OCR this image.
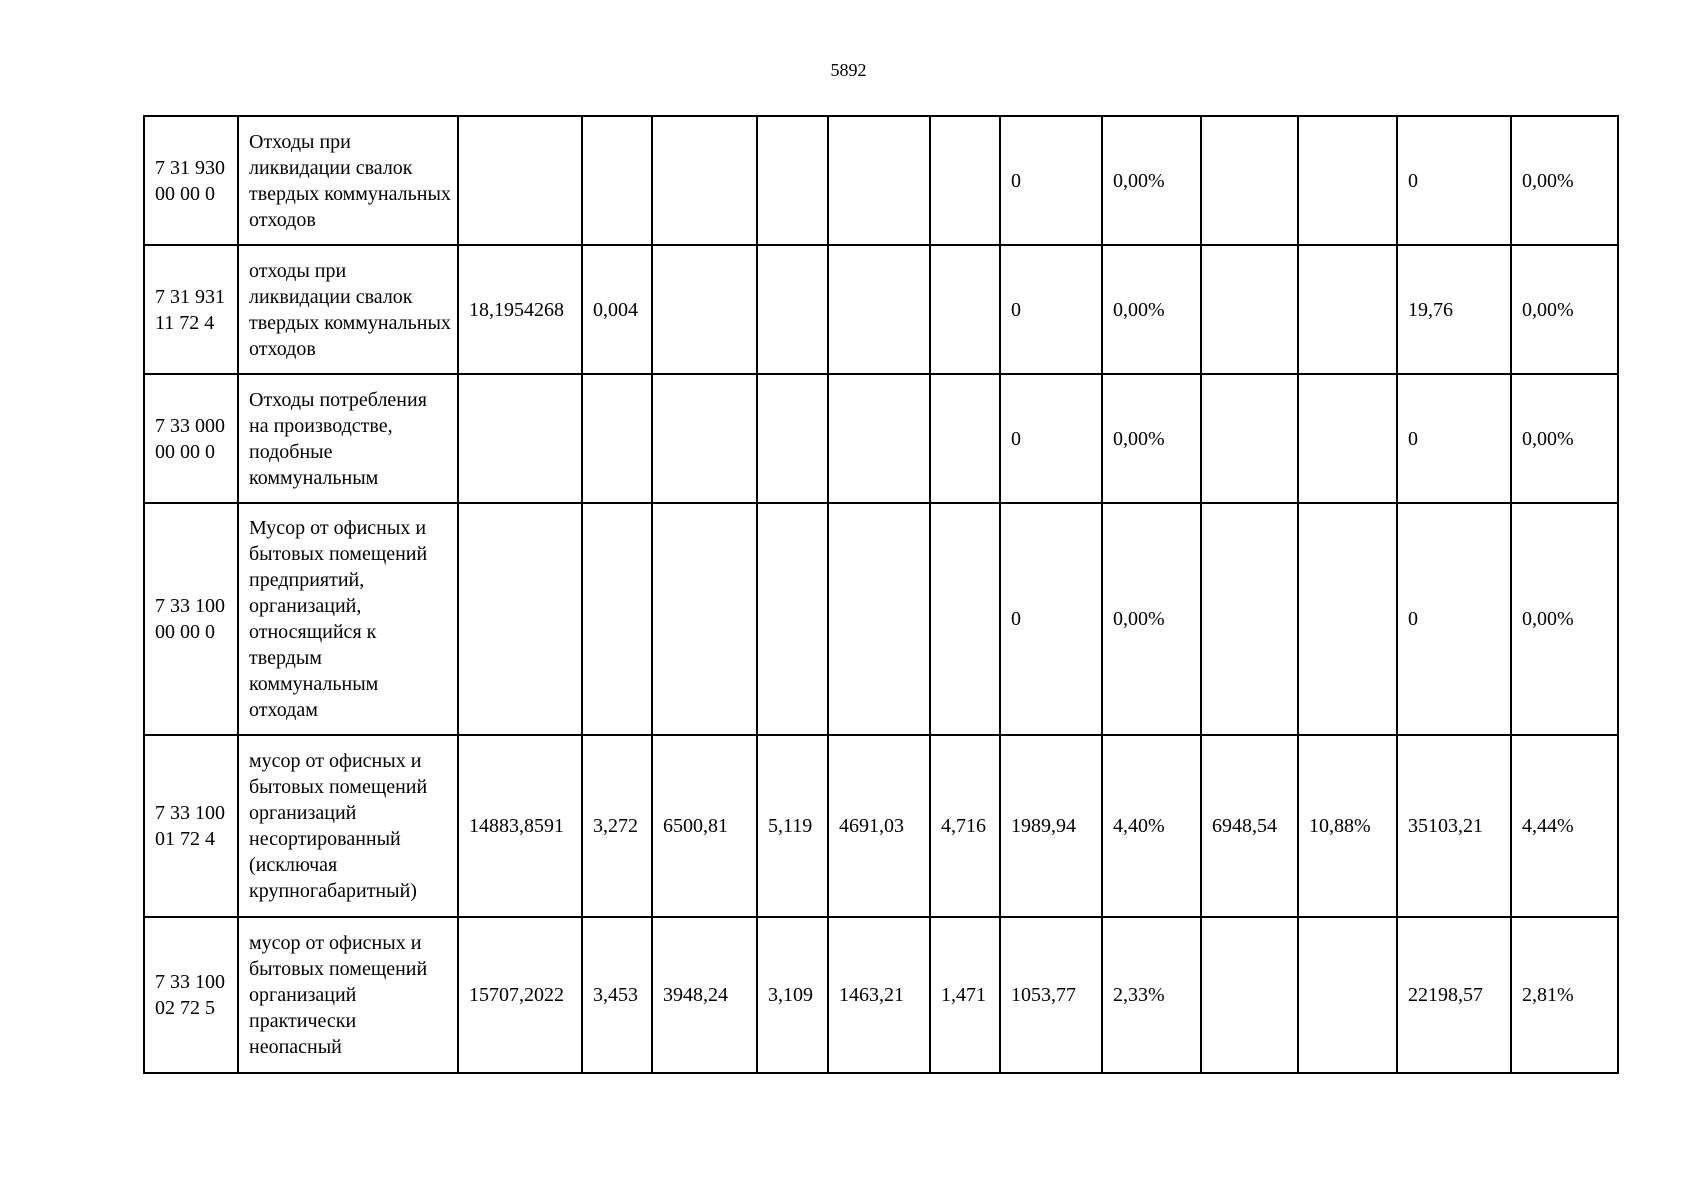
5892
7 31 930 00 00 0	Отходы при ликвидации свалок твердых коммунальных отходов							0	0,00%			0	0,00%
7 31 931 11 72 4	отходы при ликвидации свалок твердых коммунальных отходов	18,1954268	0,004					0	0,00%			19,76	0,00%
7 33 000 00 00 0	Отходы потребления на производстве, подобные коммунальным							0	0,00%			0	0,00%
7 33 100 00 00 0	Мусор от офисных и бытовых помещений предприятий, организаций, относящийся к твердым коммунальным отходам							0	0,00%			0	0,00%
7 33 100 01 72 4	мусор от офисных и бытовых помещений организаций несортированный (исключая крупногабаритный)	14883,8591	3,272	6500,81	5,119	4691,03	4,716	1989,94	4,40%	6948,54	10,88%	35103,21	4,44%
7 33 100 02 72 5	мусор от офисных и бытовых помещений организаций практически неопасный	15707,2022	3,453	3948,24	3,109	1463,21	1,471	1053,77	2,33%			22198,57	2,81%
